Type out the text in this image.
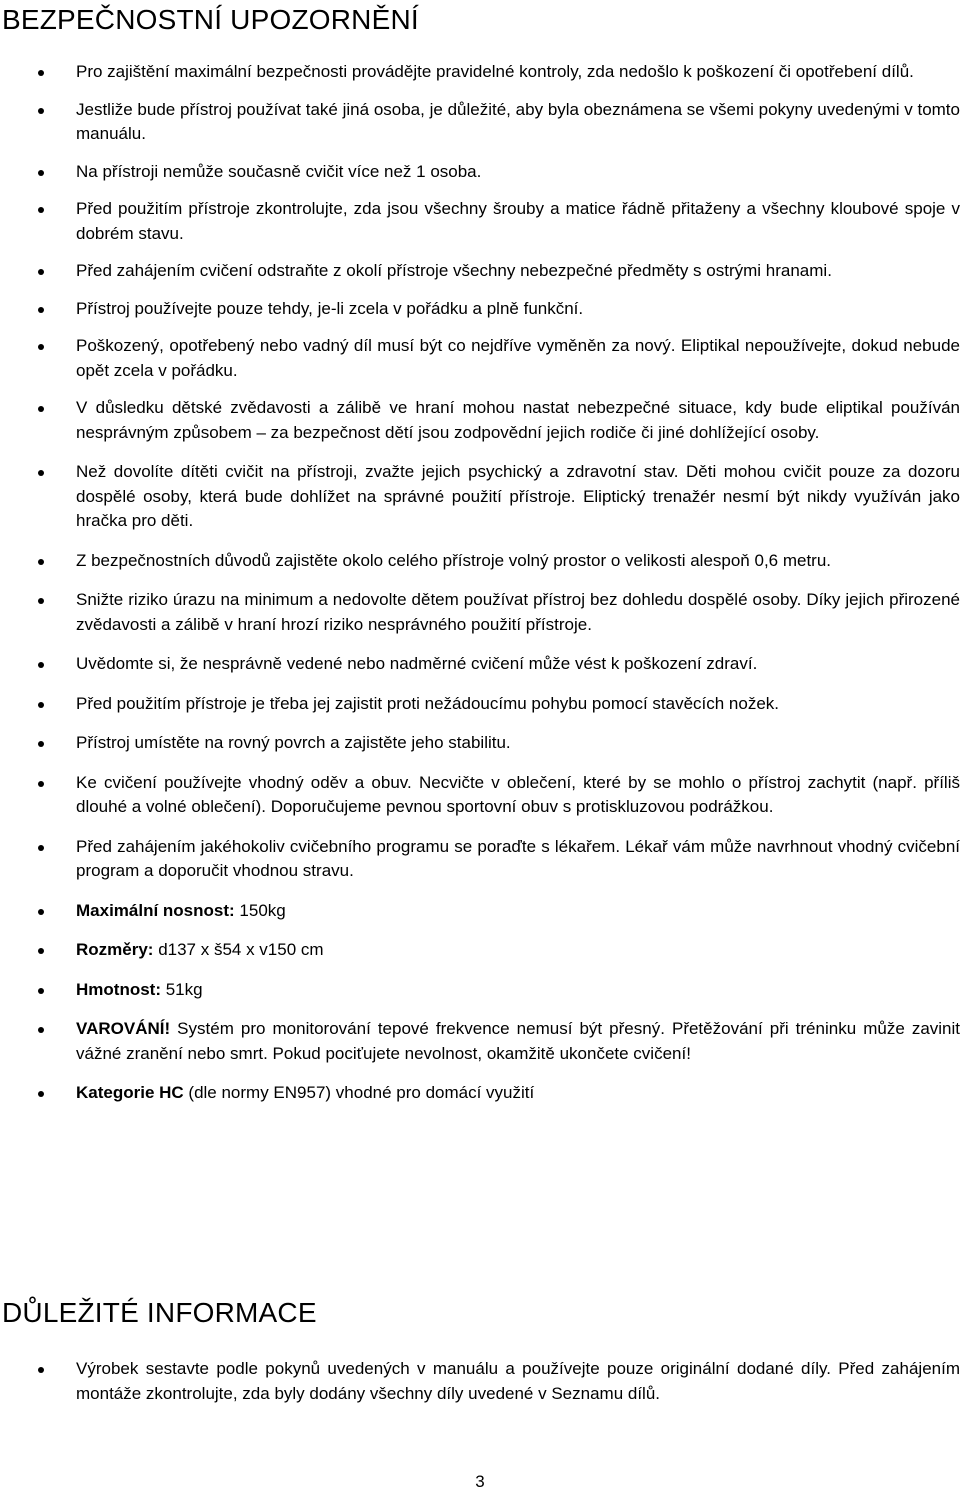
BEZPEČNOSTNÍ UPOZORNĚNÍ
Pro zajištění maximální bezpečnosti provádějte pravidelné kontroly, zda nedošlo k poškození či opotřebení dílů.
Jestliže bude přístroj používat také jiná osoba, je důležité, aby byla obeznámena se všemi pokyny uvedenými v tomto manuálu.
Na přístroji nemůže současně cvičit více než 1 osoba.
Před použitím přístroje zkontrolujte, zda jsou všechny šrouby a matice řádně přitaženy a všechny kloubové spoje v dobrém stavu.
Před zahájením cvičení odstraňte z okolí přístroje všechny nebezpečné předměty s ostrými hranami.
Přístroj používejte pouze tehdy, je-li zcela v pořádku a plně funkční.
Poškozený, opotřebený nebo vadný díl musí být co nejdříve vyměněn za nový. Eliptikal nepoužívejte, dokud nebude opět zcela v pořádku.
V důsledku dětské zvědavosti a zálibě ve hraní mohou nastat nebezpečné situace, kdy bude eliptikal používán nesprávným způsobem – za bezpečnost dětí jsou zodpovědní jejich rodiče či jiné dohlížející osoby.
Než dovolíte dítěti cvičit na přístroji, zvažte jejich psychický a zdravotní stav. Děti mohou cvičit pouze za dozoru dospělé osoby, která bude dohlížet na správné použití přístroje. Eliptický trenažér nesmí být nikdy využíván jako hračka pro děti.
Z bezpečnostních důvodů zajistěte okolo celého přístroje volný prostor o velikosti alespoň 0,6 metru.
Snižte riziko úrazu na minimum a nedovolte dětem používat přístroj bez dohledu dospělé osoby. Díky jejich přirozené zvědavosti a zálibě v hraní hrozí riziko nesprávného použití přístroje.
Uvědomte si, že nesprávně vedené nebo nadměrné cvičení může vést k poškození zdraví.
Před použitím přístroje je třeba jej zajistit proti nežádoucímu pohybu pomocí stavěcích nožek.
Přístroj umístěte na rovný povrch a zajistěte jeho stabilitu.
Ke cvičení používejte vhodný oděv a obuv. Necvičte v oblečení, které by se mohlo o přístroj zachytit (např. příliš dlouhé a volné oblečení). Doporučujeme pevnou sportovní obuv s protiskluzovou podrážkou.
Před zahájením jakéhokoliv cvičebního programu se poraďte s lékařem. Lékař vám může navrhnout vhodný cvičební program a doporučit vhodnou stravu.
Maximální nosnost: 150kg
Rozměry: d137 x š54 x v150 cm
Hmotnost: 51kg
VAROVÁNÍ! Systém pro monitorování tepové frekvence nemusí být přesný. Přetěžování při tréninku může zavinit vážné zranění nebo smrt. Pokud pociťujete nevolnost, okamžitě ukončete cvičení!
Kategorie HC (dle normy EN957) vhodné pro domácí využití
DŮLEŽITÉ INFORMACE
Výrobek sestavte podle pokynů uvedených v manuálu a používejte pouze originální dodané díly. Před zahájením montáže zkontrolujte, zda byly dodány všechny díly uvedené v Seznamu dílů.
3
